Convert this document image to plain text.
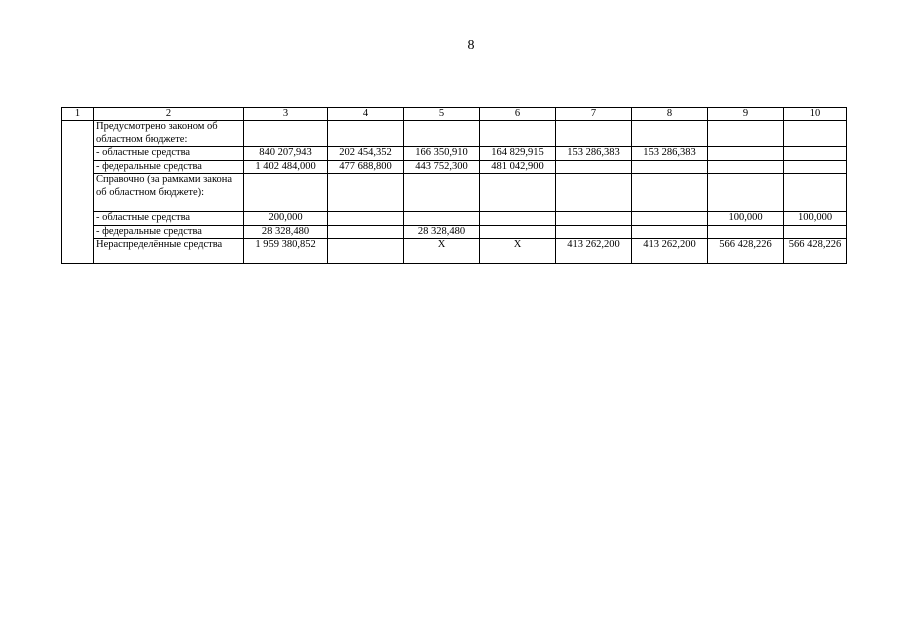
8
1	2	3	4	5	6	7	8	9	10
	Предусмотрено законом об областном бюджете:								
	- областные средства	840 207,943	202 454,352	166 350,910	164 829,915	153 286,383	153 286,383		
	- федеральные средства	1 402 484,000	477 688,800	443 752,300	481 042,900				
	Справочно (за рамками закона об областном бюджете):								
	- областные средства	200,000						100,000	100,000
	- федеральные средства	28 328,480		28 328,480					
	Нераспределённые средства	1 959 380,852		Х	Х	413 262,200	413 262,200	566 428,226	566 428,226
